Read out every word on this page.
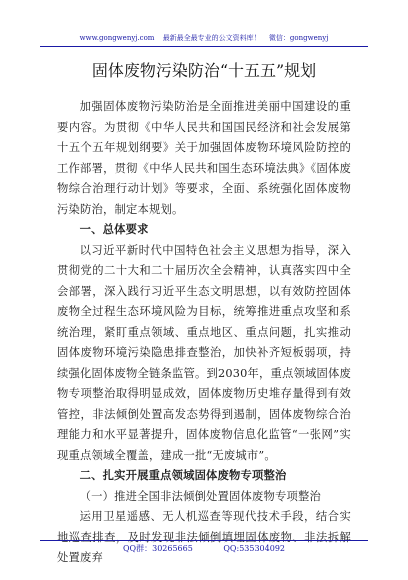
www.gongwenyj.com 最新最全最专业的公文资料库！ 微信：gongwenyj
固体废物污染防治“十五五”规划

加强固体废物污染防治是全面推进美丽中国建设的重要内容。为贯彻《中华人民共和国国民经济和社会发展第十五个五年规划纲要》关于加强固体废物环境风险防控的工作部署，贯彻《中华人民共和国生态环境法典》《固体废物综合治理行动计划》等要求，全面、系统强化固体废物污染防治，制定本规划。

一、总体要求

以习近平新时代中国特色社会主义思想为指导，深入贯彻党的二十大和二十届历次全会精神，认真落实四中全会部署，深入践行习近平生态文明思想，以有效防控固体废物全过程生态环境风险为目标，统筹推进重点攻坚和系统治理，紧盯重点领域、重点地区、重点问题，扎实推动固体废物环境污染隐患排查整治，加快补齐短板弱项，持续强化固体废物全链条监管。到2030年，重点领域固体废物专项整治取得明显成效，固体废物历史堆存量得到有效管控，非法倾倒处置高发态势得到遏制，固体废物综合治理能力和水平显著提升，固体废物信息化监管“一张网”实现重点领域全覆盖，建成一批“无废城市”。

二、扎实开展重点领域固体废物专项整治

（一）推进全国非法倾倒处置固体废物专项整治

运用卫星遥感、无人机巡查等现代技术手段，结合实地巡查排查，及时发现非法倾倒填埋固体废物、非法拆解处置废弃

QQ群：30265665	QQ:535304092
